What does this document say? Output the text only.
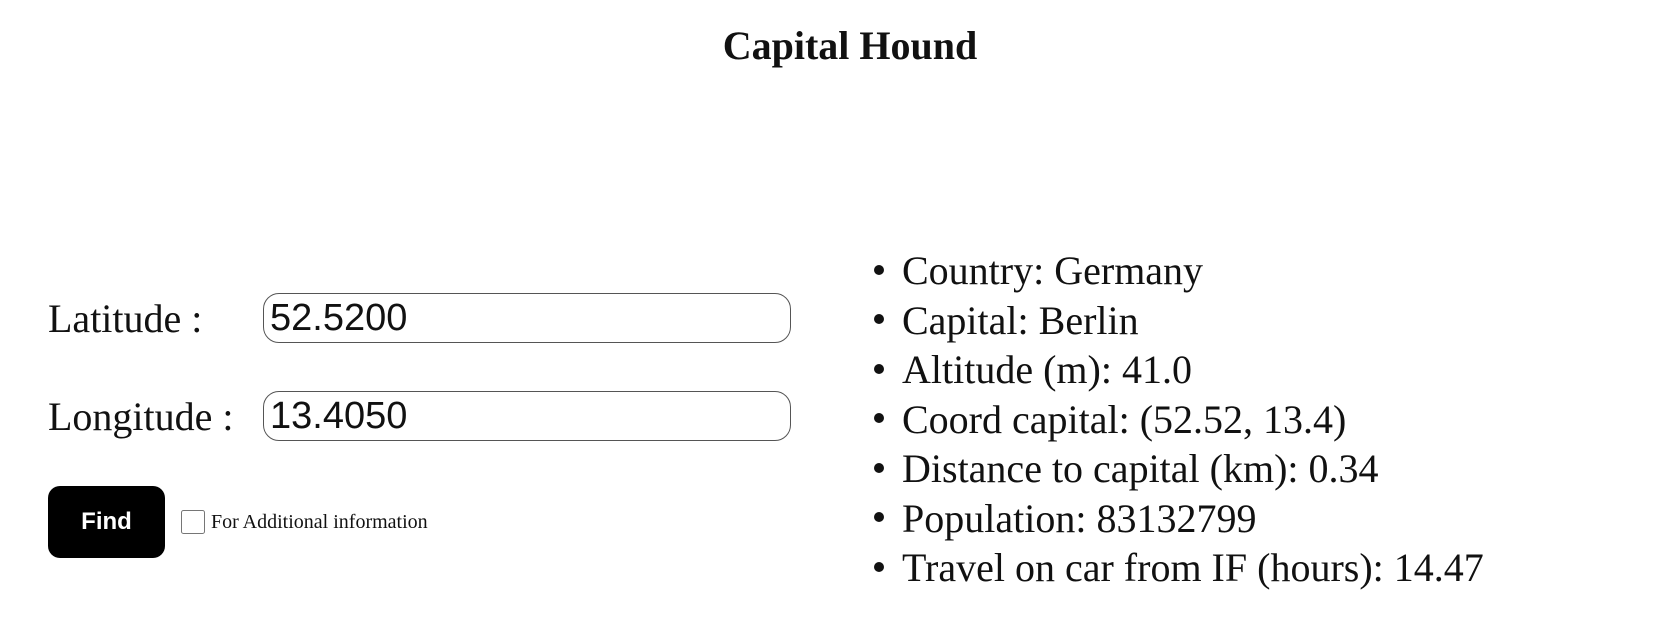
Capital Hound
Latitude :
52.5200
Longitude :
13.4050
Find	For Additional information
Country: Germany
Capital: Berlin
Altitude (m): 41.0
Coord capital: (52.52, 13.4)
Distance to capital (km): 0.34
Population: 83132799
Travel on car from IF (hours): 14.47
